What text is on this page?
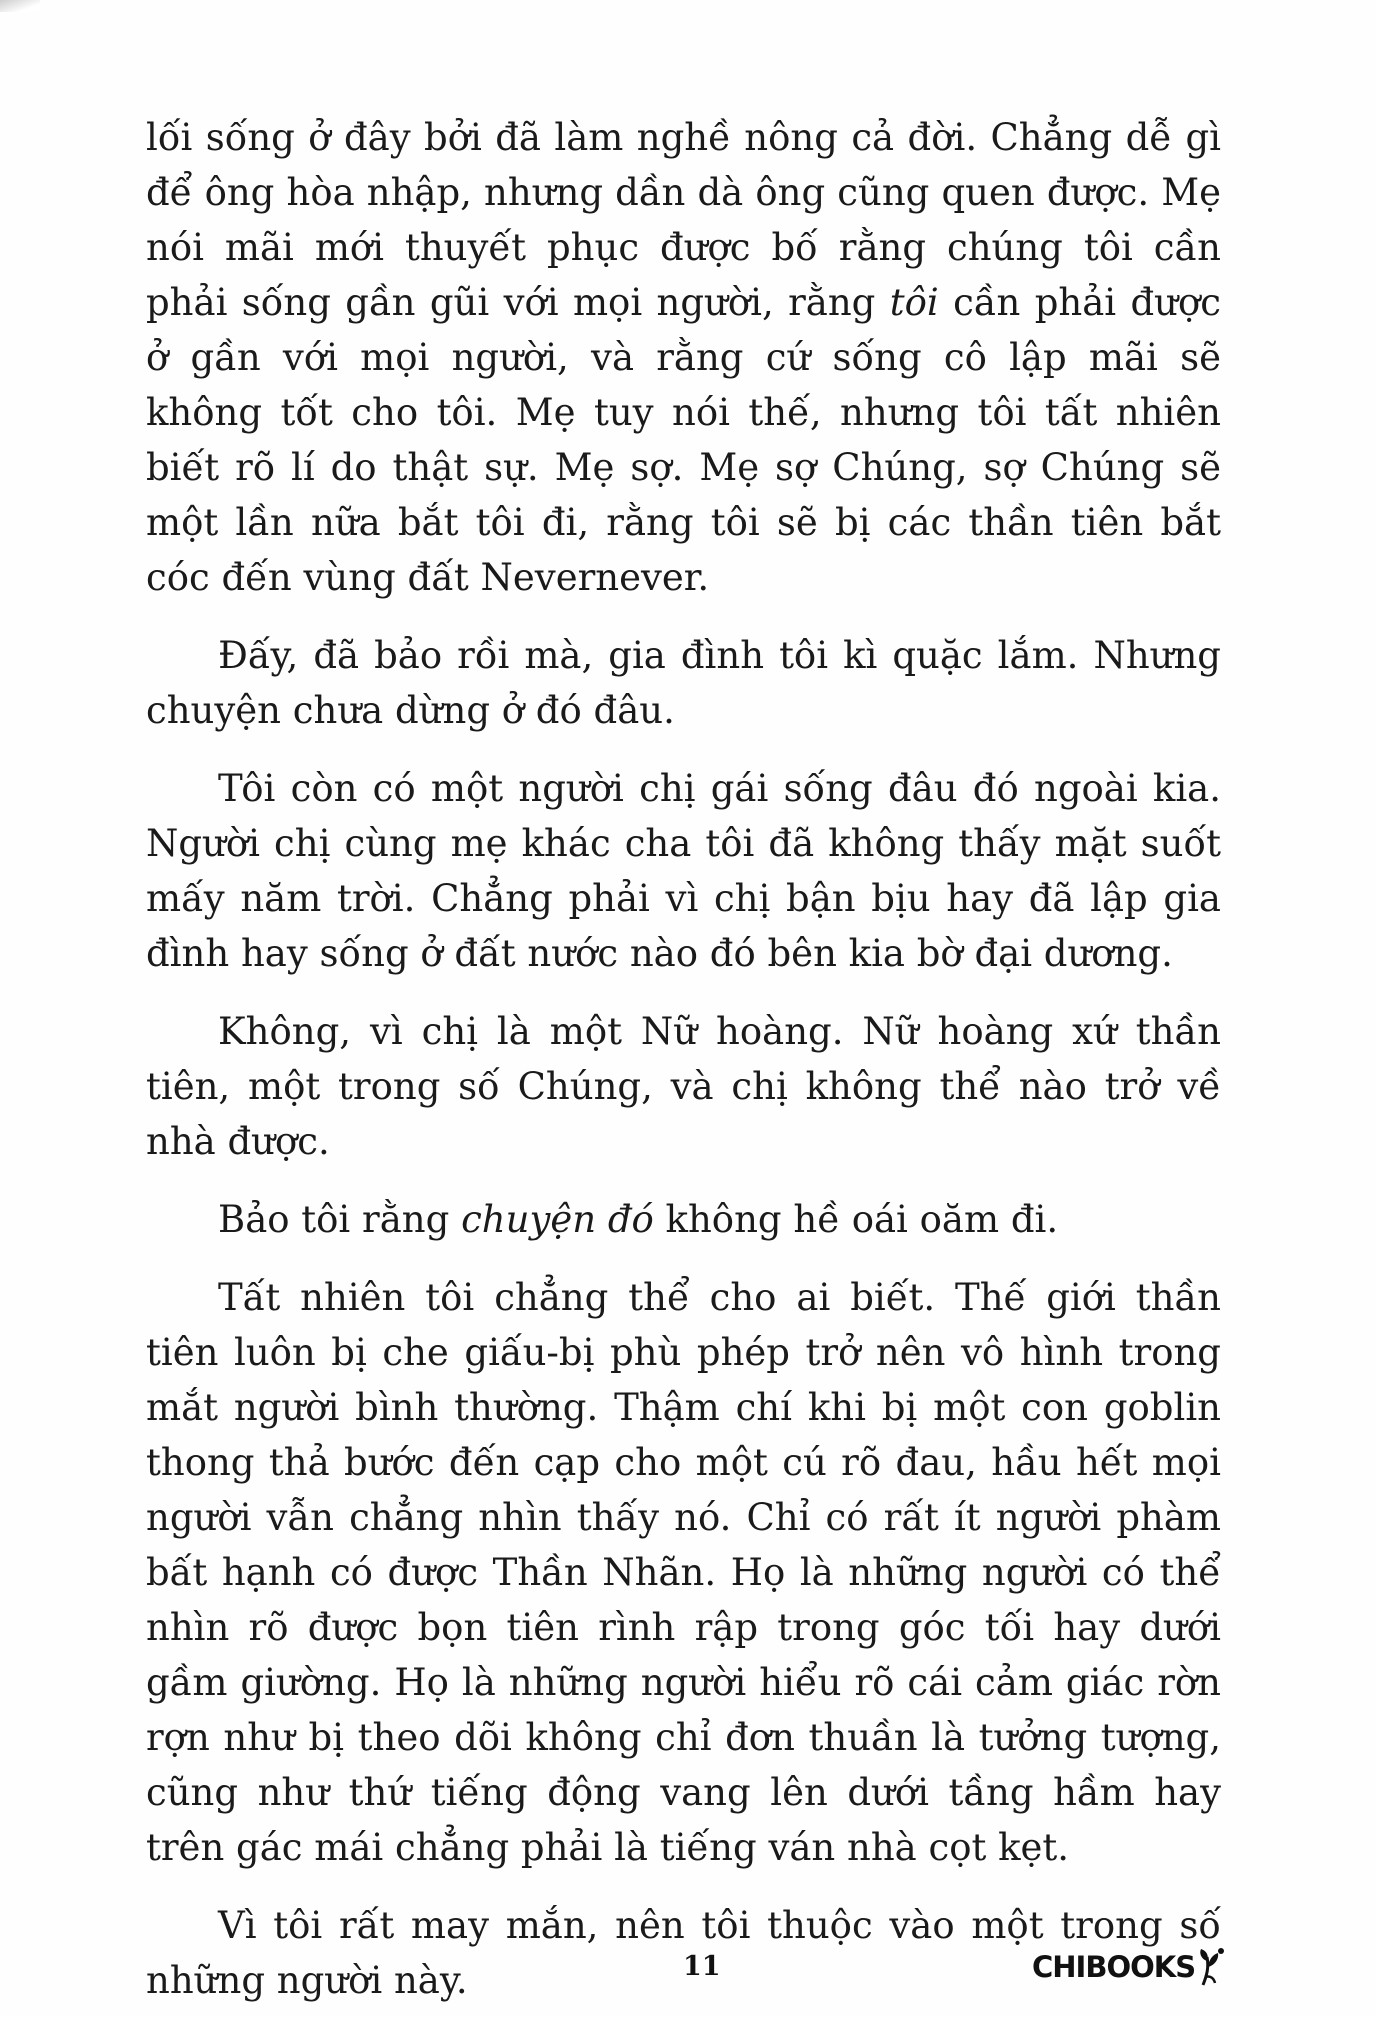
lối sống ở đây bởi đã làm nghề nông cả đời. Chẳng dễ gì để ông hòa nhập, nhưng dần dà ông cũng quen được. Mẹ nói mãi mới thuyết phục được bố rằng chúng tôi cần phải sống gần gũi với mọi người, rằng tôi cần phải được ở gần với mọi người, và rằng cứ sống cô lập mãi sẽ không tốt cho tôi. Mẹ tuy nói thế, nhưng tôi tất nhiên biết rõ lí do thật sự. Mẹ sợ. Mẹ sợ Chúng, sợ Chúng sẽ một lần nữa bắt tôi đi, rằng tôi sẽ bị các thần tiên bắt cóc đến vùng đất Nevernever.

Đấy, đã bảo rồi mà, gia đình tôi kì quặc lắm. Nhưng chuyện chưa dừng ở đó đâu.

Tôi còn có một người chị gái sống đâu đó ngoài kia. Người chị cùng mẹ khác cha tôi đã không thấy mặt suốt mấy năm trời. Chẳng phải vì chị bận bịu hay đã lập gia đình hay sống ở đất nước nào đó bên kia bờ đại dương.

Không, vì chị là một Nữ hoàng. Nữ hoàng xứ thần tiên, một trong số Chúng, và chị không thể nào trở về nhà được.

Bảo tôi rằng chuyện đó không hề oái oăm đi.

Tất nhiên tôi chẳng thể cho ai biết. Thế giới thần tiên luôn bị che giấu-bị phù phép trở nên vô hình trong mắt người bình thường. Thậm chí khi bị một con goblin thong thả bước đến cạp cho một cú rõ đau, hầu hết mọi người vẫn chẳng nhìn thấy nó. Chỉ có rất ít người phàm bất hạnh có được Thần Nhãn. Họ là những người có thể nhìn rõ được bọn tiên rình rập trong góc tối hay dưới gầm giường. Họ là những người hiểu rõ cái cảm giác rờn rợn như bị theo dõi không chỉ đơn thuần là tưởng tượng, cũng như thứ tiếng động vang lên dưới tầng hầm hay trên gác mái chẳng phải là tiếng ván nhà cọt kẹt.

Vì tôi rất may mắn, nên tôi thuộc vào một trong số những người này.	11	CHIBOOKS
